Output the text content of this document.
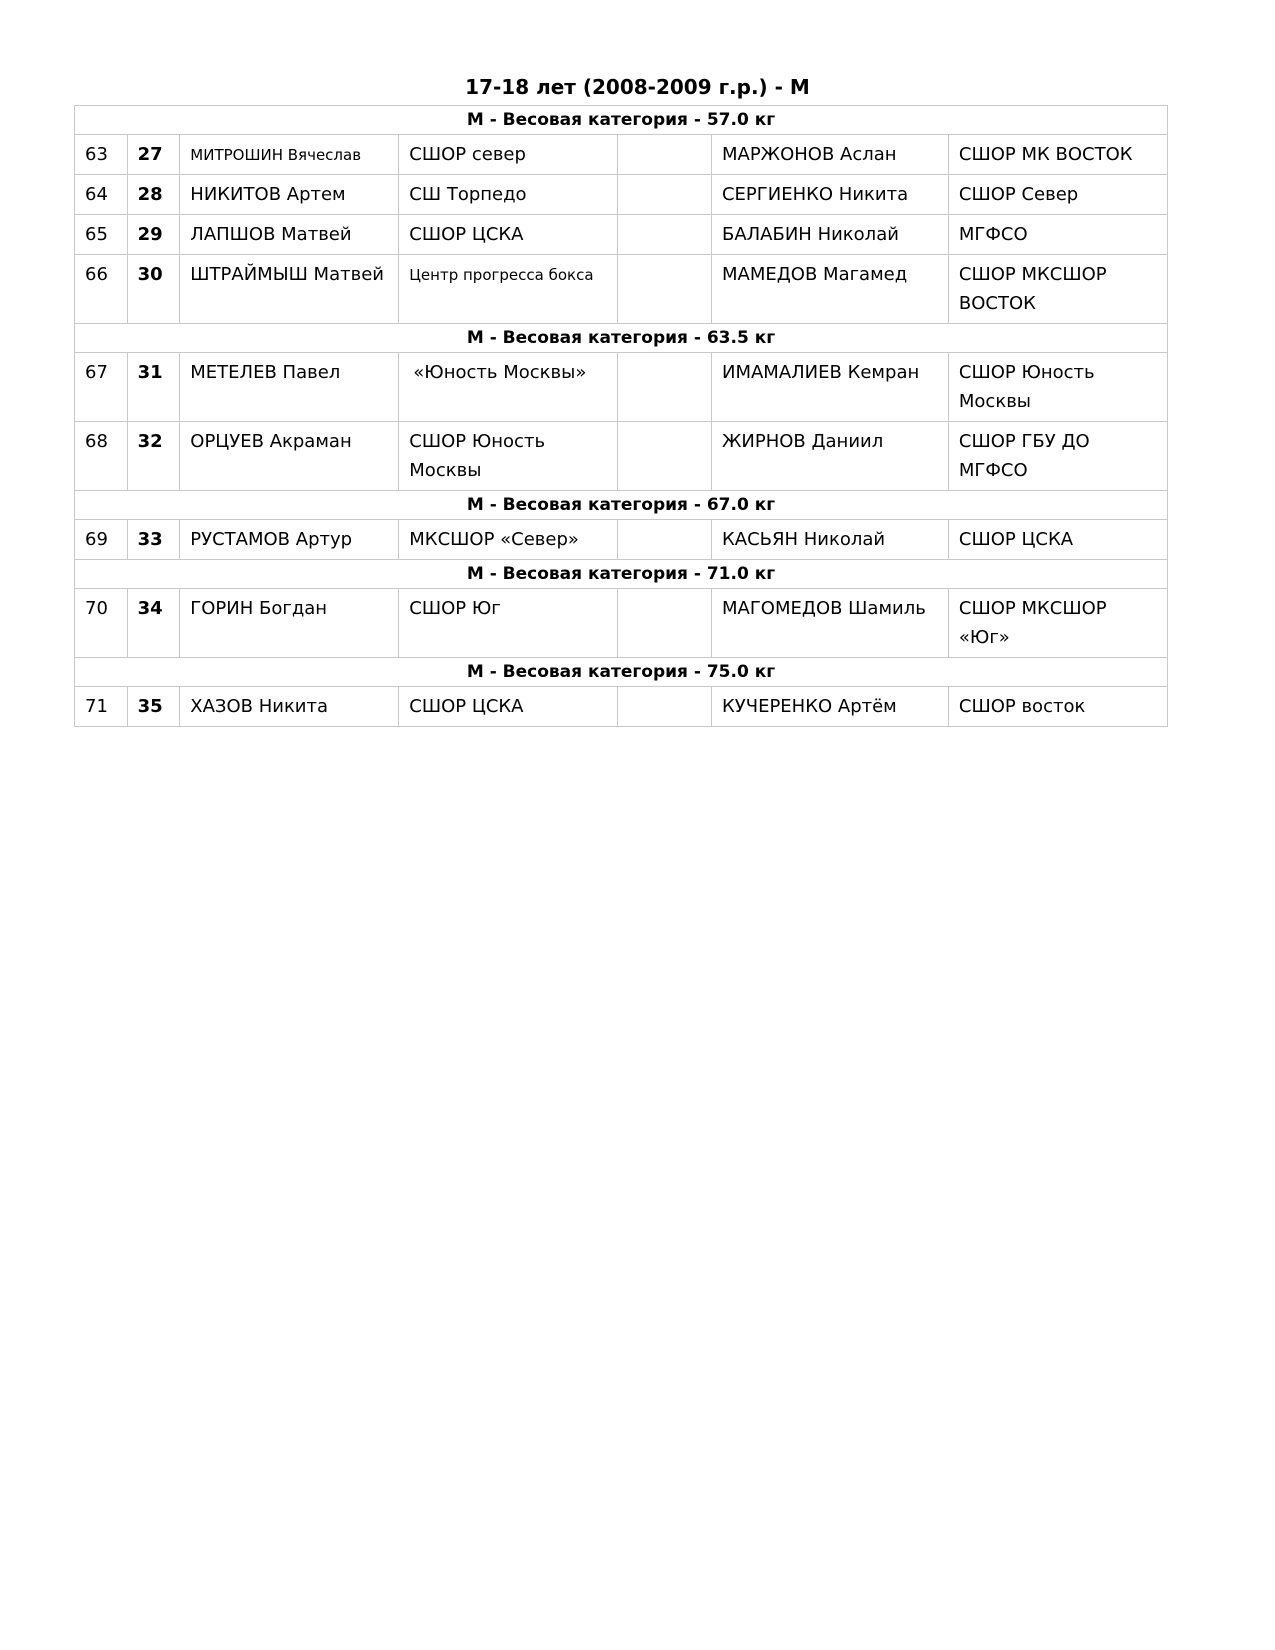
17-18 лет (2008-2009 г.р.) - М
М - Весовая категория - 57.0 кг						
63	27	МИТРОШИН Вячеслав	СШОР север		МАРЖОНОВ Аслан	СШОР МК ВОСТОК
64	28	НИКИТОВ Артем	СШ Торпедо		СЕРГИЕНКО Никита	СШОР Север
65	29	ЛАПШОВ Матвей	СШОР ЦСКА		БАЛАБИН Николай	МГФСО
66	30	ШТРАЙМЫШ Матвей	Центр прогресса бокса		МАМЕДОВ Магамед	СШОР МКСШОР ВОСТОК
М - Весовая категория - 63.5 кг						
67	31	МЕТЕЛЕВ Павел	«Юность Москвы»		ИМАМАЛИЕВ Кемран	СШОР Юность Москвы
68	32	ОРЦУЕВ Акраман	СШОР Юность Москвы		ЖИРНОВ Даниил	СШОР ГБУ ДО МГФСО
М - Весовая категория - 67.0 кг						
69	33	РУСТАМОВ Артур	МКСШОР «Север»		КАСЬЯН Николай	СШОР ЦСКА
М - Весовая категория - 71.0 кг						
70	34	ГОРИН Богдан	СШОР Юг		МАГОМЕДОВ Шамиль	СШОР МКСШОР «Юг»
М - Весовая категория - 75.0 кг						
71	35	ХАЗОВ Никита	СШОР ЦСКА		КУЧЕРЕНКО Артём	СШОР восток
